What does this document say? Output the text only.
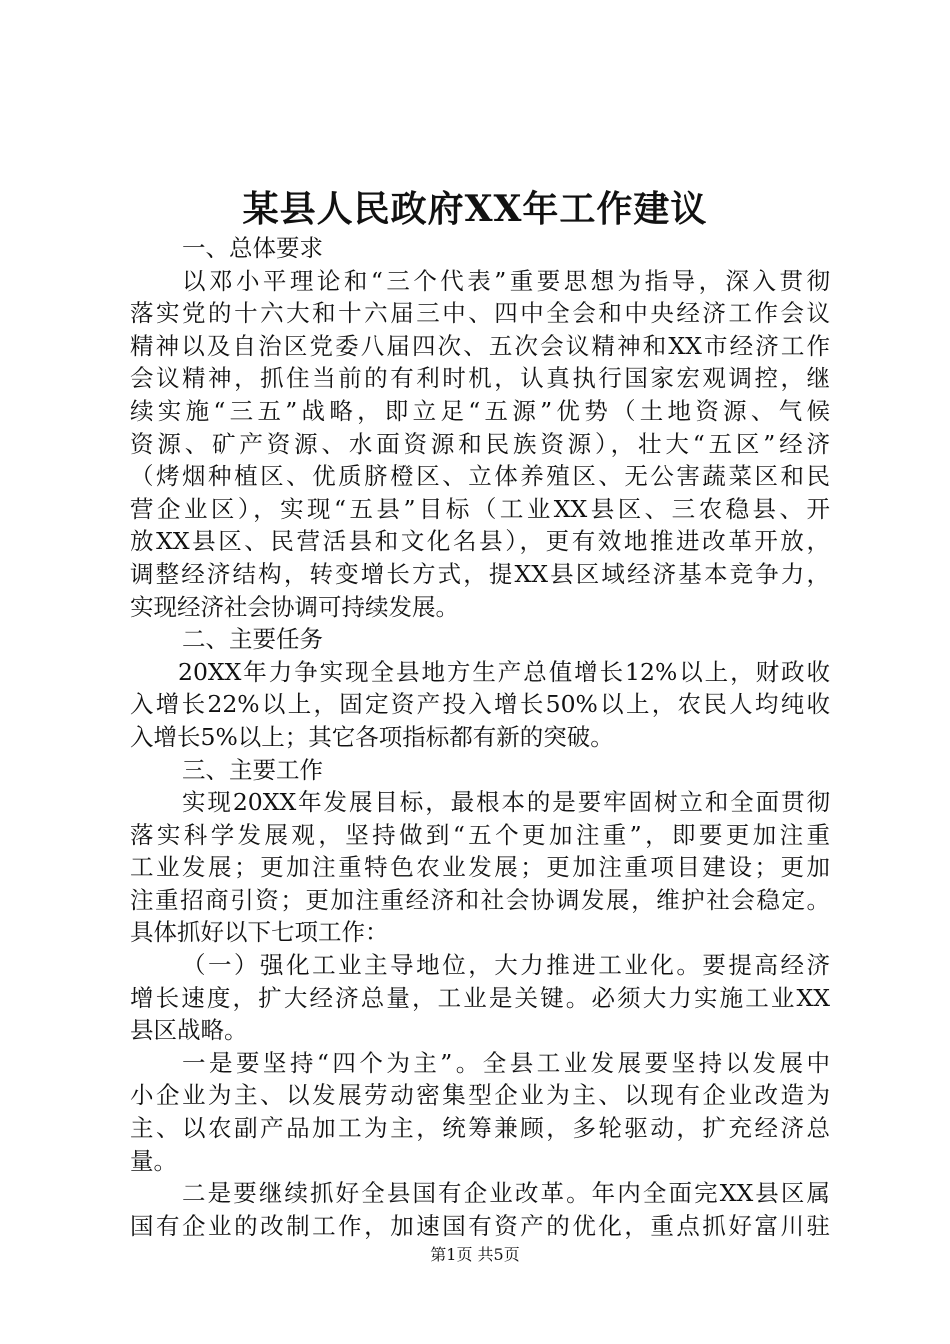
某县人民政府XX年工作建议
一、总体要求
以邓小平理论和“三个代表”重要思想为指导，深入贯彻
落实党的十六大和十六届三中、四中全会和中央经济工作会议
精神以及自治区党委八届四次、五次会议精神和XX市经济工作
会议精神，抓住当前的有利时机，认真执行国家宏观调控，继
续实施“三五”战略，即立足“五源”优势（土地资源、气候
资源、矿产资源、水面资源和民族资源），壮大“五区”经济
（烤烟种植区、优质脐橙区、立体养殖区、无公害蔬菜区和民
营企业区），实现“五县”目标（工业XX县区、三农稳县、开
放XX县区、民营活县和文化名县），更有效地推进改革开放，
调整经济结构，转变增长方式，提XX县区域经济基本竞争力，
实现经济社会协调可持续发展。
二、主要任务
20XX年力争实现全县地方生产总值增长12%以上，财政收
入增长22%以上，固定资产投入增长50%以上，农民人均纯收
入增长5%以上；其它各项指标都有新的突破。
三、主要工作
实现20XX年发展目标，最根本的是要牢固树立和全面贯彻
落实科学发展观，坚持做到“五个更加注重”，即要更加注重
工业发展；更加注重特色农业发展；更加注重项目建设；更加
注重招商引资；更加注重经济和社会协调发展，维护社会稳定。
具体抓好以下七项工作：
（一）强化工业主导地位，大力推进工业化。要提高经济
增长速度，扩大经济总量，工业是关键。必须大力实施工业XX
县区战略。
一是要坚持“四个为主”。全县工业发展要坚持以发展中
小企业为主、以发展劳动密集型企业为主、以现有企业改造为
主、以农副产品加工为主，统筹兼顾，多轮驱动，扩充经济总
量。
二是要继续抓好全县国有企业改革。年内全面完XX县区属
国有企业的改制工作，加速国有资产的优化，重点抓好富川驻
第1页 共5页
